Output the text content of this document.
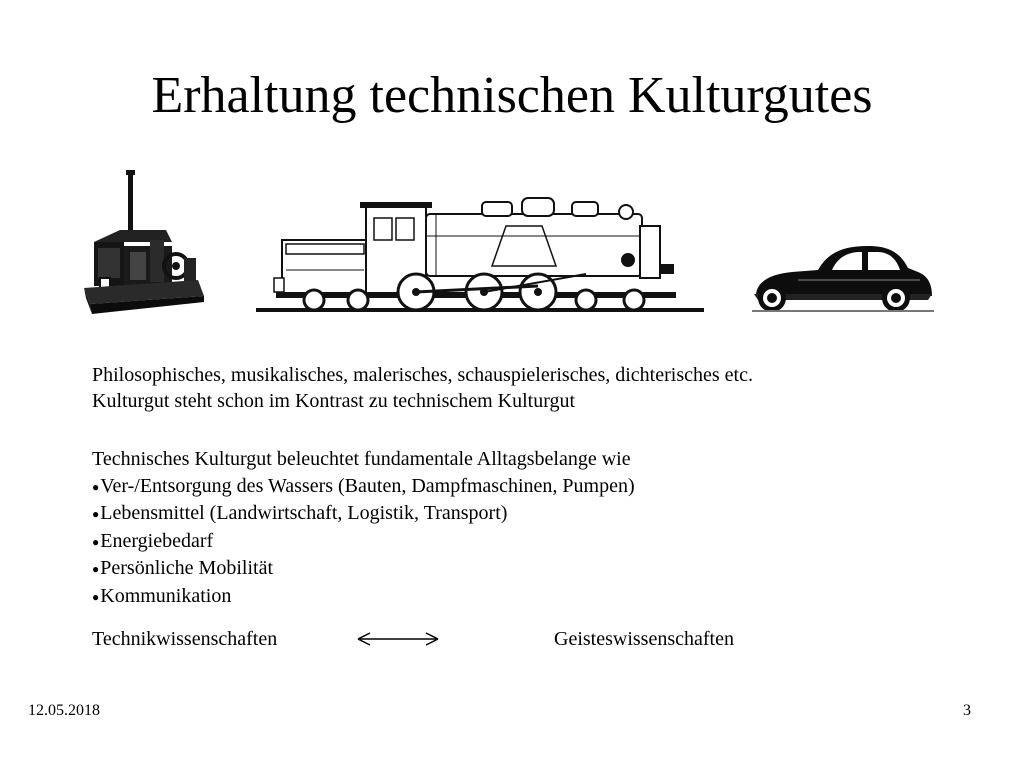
Erhaltung technischen Kulturgutes
Philosophisches, musikalisches, malerisches, schauspielerisches, dichterisches etc.
Kulturgut steht schon im Kontrast zu technischem Kulturgut
Technisches Kulturgut beleuchtet fundamentale Alltagsbelange wie
●Ver-/Entsorgung des Wassers (Bauten, Dampfmaschinen, Pumpen)
●Lebensmittel (Landwirtschaft, Logistik, Transport)
●Energiebedarf
●Persönliche Mobilität
●Kommunikation
Technikwissenschaften	Geisteswissenschaften
12.05.2018	3
